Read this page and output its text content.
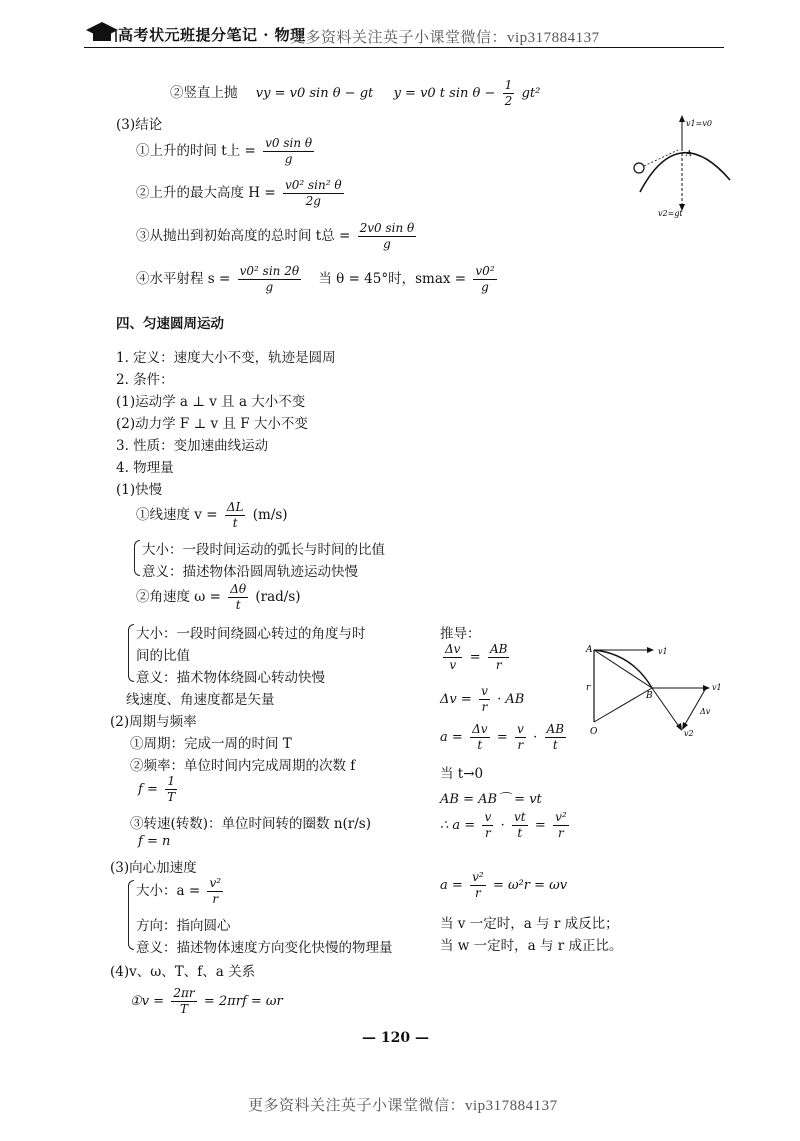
高考状元班提分笔记 · 物理
更多资料关注英子小课堂微信：vip317884137
②竖直上抛 vy = v0 sin θ − gt y = v0 t $\sin \theta - \frac{1}{2} gt^2$
(3)结论
①上升的时间 t上 = $\frac{\text{v0 sin θ}}{g}$
②上升的最大高度 $H = \frac{\text{v0² sin² θ}}{2g}$
③从抛出到初始高度的总时间 t总 = $\frac{\text{2v0 sin θ}}{g}$
④水平射程 $s = \frac{\text{v0² sin 2θ}}{g}$ 当 θ = 45°时，$smax = \frac{\text{v0²}}{g}$
v1=v0
A
v2=gt
四、匀速圆周运动
1. 定义：速度大小不变，轨迹是圆周
2. 条件：
(1)运动学 a ⊥ v 且 a 大小不变
(2)动力学 F ⊥ v 且 F 大小不变
3. 性质：变加速曲线运动
4. 物理量
(1)快慢
①线速度 $v = \frac{\Delta L}{t} (m/s)$
大小：一段时间运动的弧长与时间的比值
意义：描述物体沿圆周轨迹运动快慢
②角速度 $\omega = \frac{\Delta\theta}{t} (rad/s)$
大小：一段时间绕圆心转过的角度与时
间的比值
意义：描术物体绕圆心转动快慢
线速度、角速度都是矢量
(2)周期与频率
①周期：完成一周的时间 T
②频率：单位时间内完成周期的次数 f
$f = \frac{1}{T}$
③转速(转数)：单位时间转的圈数 n(r/s)
f = n
(3)向心加速度
大小：$a = \frac{\text{v²}}{r}$
方向：指向圆心
意义：描述物体速度方向变化快慢的物理量
(4)v、ω、T、f、a 关系
①v = $\frac{2\pi r}{T} = 2\pi rf = \omega r$
推导：
$\frac{\Delta v}{v} = \frac{AB}{r}$
$\Delta v = \frac{v}{r}$ · AB
$a = \frac{\Delta v}{t} = \frac{v}{r} \cdot \frac{AB}{t}$
当 t→0
AB = AB⌒ = vt
∴ $a = \frac{v}{r} \cdot \frac{vt}{t} = \frac{\text{v²}}{r}$
$a = \frac{\text{v²}}{r} = \omega^2r = \omega v$
当 v 一定时，a 与 r 成反比；
当 w 一定时，a 与 r 成正比。
A
B
O
r
v1
v1
v2
Δv
— 120 —
更多资料关注英子小课堂微信：vip317884137
